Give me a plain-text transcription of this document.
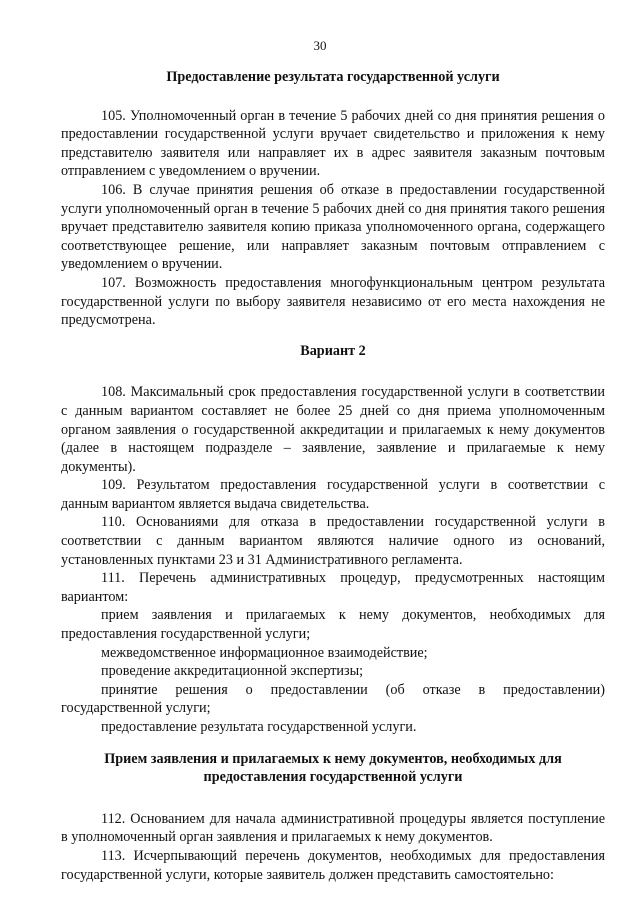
30
Предоставление результата государственной услуги

105. Уполномоченный орган в течение 5 рабочих дней со дня принятия решения о предоставлении государственной услуги вручает свидетельство и приложения к нему представителю заявителя или направляет их в адрес заявителя заказным почтовым отправлением с уведомлением о вручении.

106. В случае принятия решения об отказе в предоставлении государственной услуги уполномоченный орган в течение 5 рабочих дней со дня принятия такого решения вручает представителю заявителя копию приказа уполномоченного органа, содержащего соответствующее решение, или направляет заказным почтовым отправлением с уведомлением о вручении.

107. Возможность предоставления многофункциональным центром результата государственной услуги по выбору заявителя независимо от его места нахождения не предусмотрена.

Вариант 2

108. Максимальный срок предоставления государственной услуги в соответствии с данным вариантом составляет не более 25 дней со дня приема уполномоченным органом заявления о государственной аккредитации и прилагаемых к нему документов (далее в настоящем подразделе – заявление, заявление и прилагаемые к нему документы).

109. Результатом предоставления государственной услуги в соответствии с данным вариантом является выдача свидетельства.

110. Основаниями для отказа в предоставлении государственной услуги в соответствии с данным вариантом являются наличие одного из оснований, установленных пунктами 23 и 31 Административного регламента.

111. Перечень административных процедур, предусмотренных настоящим вариантом:

прием заявления и прилагаемых к нему документов, необходимых для предоставления государственной услуги;

межведомственное информационное взаимодействие;

проведение аккредитационной экспертизы;

принятие решения о предоставлении (об отказе в предоставлении) государственной услуги;

предоставление результата государственной услуги.

Прием заявления и прилагаемых к нему документов, необходимых для предоставления государственной услуги

112. Основанием для начала административной процедуры является поступление в уполномоченный орган заявления и прилагаемых к нему документов.

113. Исчерпывающий перечень документов, необходимых для предоставления государственной услуги, которые заявитель должен представить самостоятельно:
